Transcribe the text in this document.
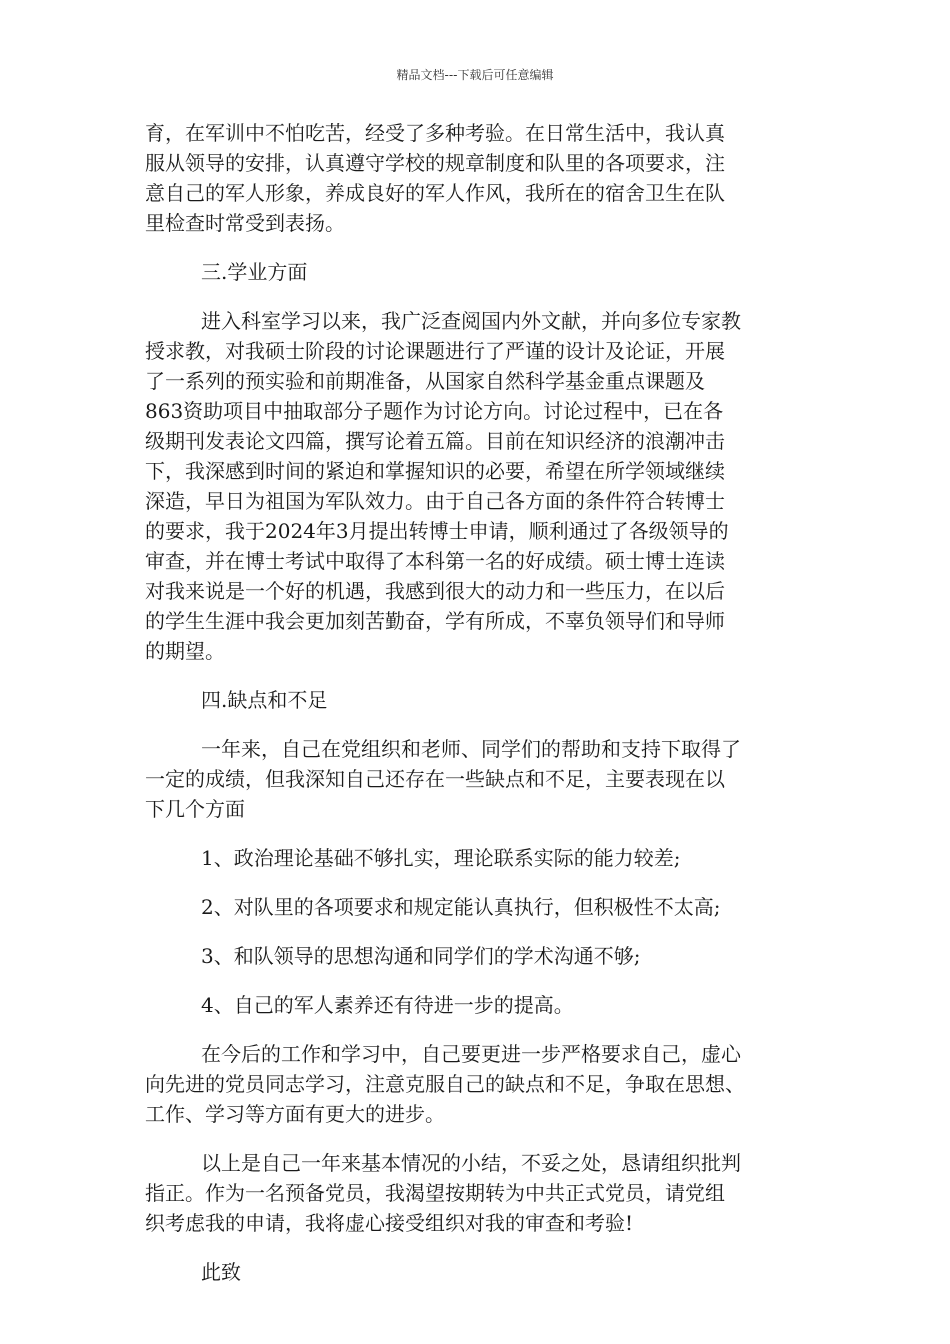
精品文档---下载后可任意编辑

育，在军训中不怕吃苦，经受了多种考验。在日常生活中，我认真
服从领导的安排，认真遵守学校的规章制度和队里的各项要求，注
意自己的军人形象，养成良好的军人作风，我所在的宿舍卫生在队
里检查时常受到表扬。

三.学业方面

进入科室学习以来，我广泛查阅国内外文献，并向多位专家教
授求教，对我硕士阶段的讨论课题进行了严谨的设计及论证，开展
了一系列的预实验和前期准备，从国家自然科学基金重点课题及
863资助项目中抽取部分子题作为讨论方向。讨论过程中，已在各
级期刊发表论文四篇，撰写论着五篇。目前在知识经济的浪潮冲击
下，我深感到时间的紧迫和掌握知识的必要，希望在所学领域继续
深造，早日为祖国为军队效力。由于自己各方面的条件符合转博士
的要求，我于2024年3月提出转博士申请，顺利通过了各级领导的
审查，并在博士考试中取得了本科第一名的好成绩。硕士博士连读
对我来说是一个好的机遇，我感到很大的动力和一些压力，在以后
的学生生涯中我会更加刻苦勤奋，学有所成，不辜负领导们和导师
的期望。

四.缺点和不足

一年来，自己在党组织和老师、同学们的帮助和支持下取得了
一定的成绩，但我深知自己还存在一些缺点和不足，主要表现在以
下几个方面

1、政治理论基础不够扎实，理论联系实际的能力较差;

2、对队里的各项要求和规定能认真执行，但积极性不太高;

3、和队领导的思想沟通和同学们的学术沟通不够;

4、自己的军人素养还有待进一步的提高。

在今后的工作和学习中，自己要更进一步严格要求自己，虚心
向先进的党员同志学习，注意克服自己的缺点和不足，争取在思想、
工作、学习等方面有更大的进步。

以上是自己一年来基本情况的小结，不妥之处，恳请组织批判
指正。作为一名预备党员，我渴望按期转为中共正式党员，请党组
织考虑我的申请，我将虚心接受组织对我的审查和考验!

此致
